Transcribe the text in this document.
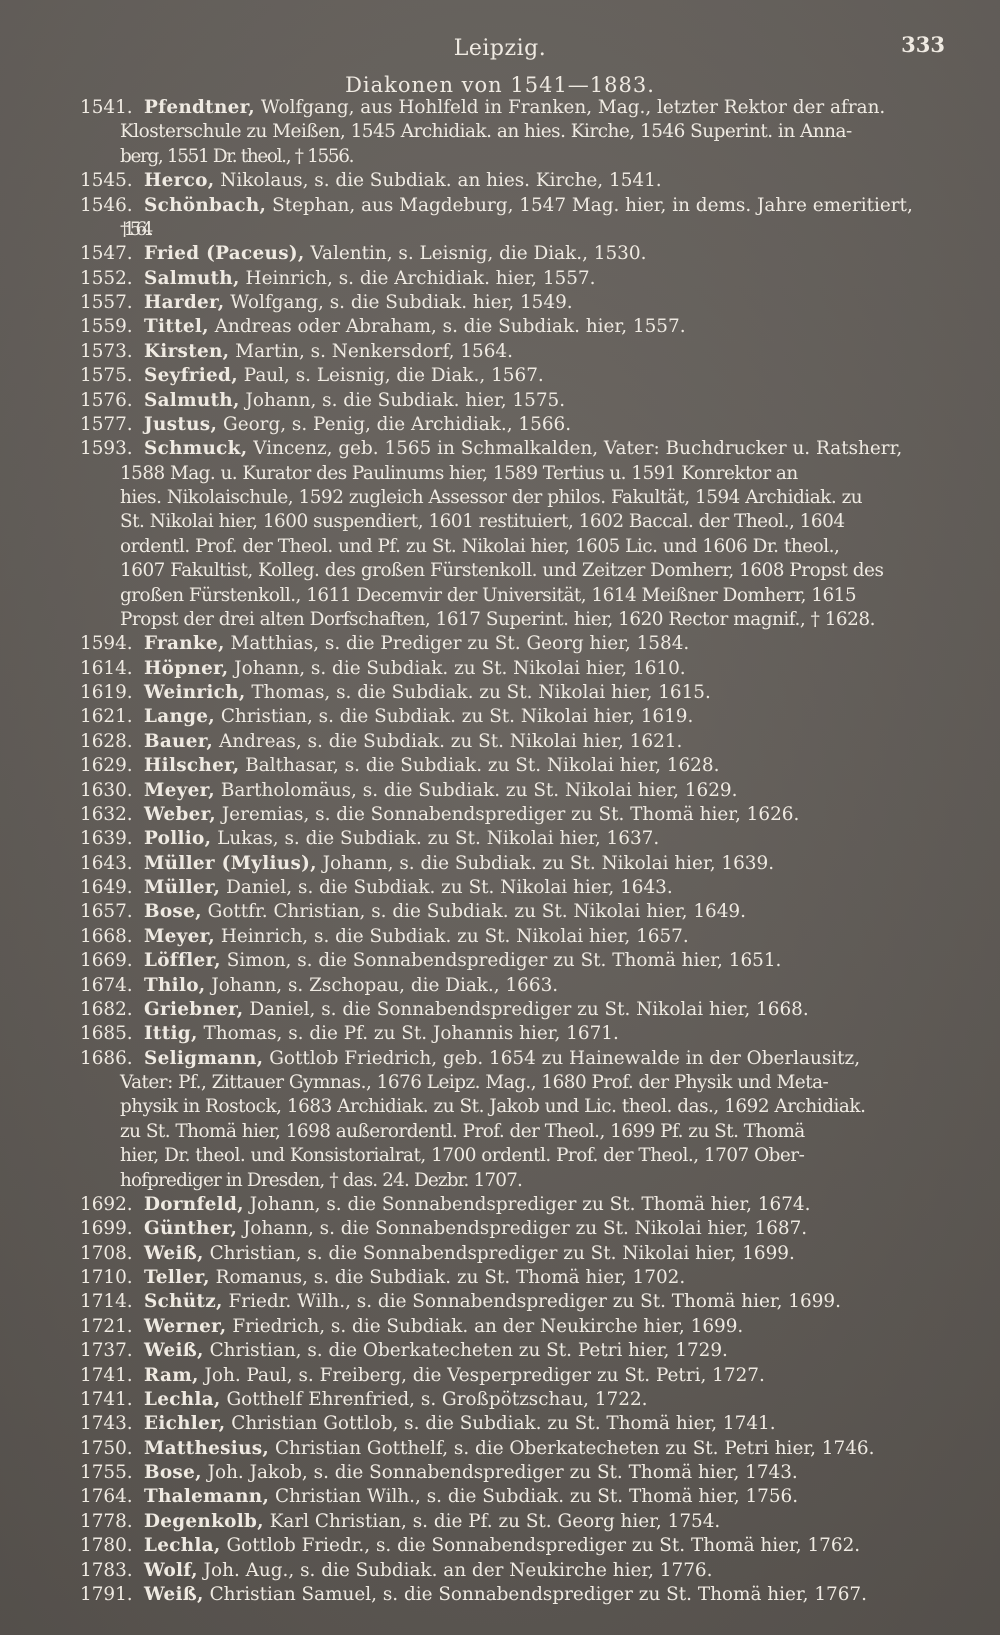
Leipzig.	333
Diakonen von 1541—1883.
1541. Pfendtner, Wolfgang, aus Hohlfeld in Franken, Mag., letzter Rektor der afran.
Klosterschule zu Meißen, 1545 Archidiak. an hies. Kirche, 1546 Superint. in Anna-
berg, 1551 Dr. theol., † 1556.
1545. Herco, Nikolaus, s. die Subdiak. an hies. Kirche, 1541.
1546. Schönbach, Stephan, aus Magdeburg, 1547 Mag. hier, in dems. Jahre emeritiert,
† 1564.
1547. Fried (Paceus), Valentin, s. Leisnig, die Diak., 1530.
1552. Salmuth, Heinrich, s. die Archidiak. hier, 1557.
1557. Harder, Wolfgang, s. die Subdiak. hier, 1549.
1559. Tittel, Andreas oder Abraham, s. die Subdiak. hier, 1557.
1573. Kirsten, Martin, s. Nenkersdorf, 1564.
1575. Seyfried, Paul, s. Leisnig, die Diak., 1567.
1576. Salmuth, Johann, s. die Subdiak. hier, 1575.
1577. Justus, Georg, s. Penig, die Archidiak., 1566.
1593. Schmuck, Vincenz, geb. 1565 in Schmalkalden, Vater: Buchdrucker u. Ratsherr,
1588 Mag. u. Kurator des Paulinums hier, 1589 Tertius u. 1591 Konrektor an
hies. Nikolaischule, 1592 zugleich Assessor der philos. Fakultät, 1594 Archidiak. zu
St. Nikolai hier, 1600 suspendiert, 1601 restituiert, 1602 Baccal. der Theol., 1604
ordentl. Prof. der Theol. und Pf. zu St. Nikolai hier, 1605 Lic. und 1606 Dr. theol.,
1607 Fakultist, Kolleg. des großen Fürstenkoll. und Zeitzer Domherr, 1608 Propst des
großen Fürstenkoll., 1611 Decemvir der Universität, 1614 Meißner Domherr, 1615
Propst der drei alten Dorfschaften, 1617 Superint. hier, 1620 Rector magnif., † 1628.
1594. Franke, Matthias, s. die Prediger zu St. Georg hier, 1584.
1614. Höpner, Johann, s. die Subdiak. zu St. Nikolai hier, 1610.
1619. Weinrich, Thomas, s. die Subdiak. zu St. Nikolai hier, 1615.
1621. Lange, Christian, s. die Subdiak. zu St. Nikolai hier, 1619.
1628. Bauer, Andreas, s. die Subdiak. zu St. Nikolai hier, 1621.
1629. Hilscher, Balthasar, s. die Subdiak. zu St. Nikolai hier, 1628.
1630. Meyer, Bartholomäus, s. die Subdiak. zu St. Nikolai hier, 1629.
1632. Weber, Jeremias, s. die Sonnabendsprediger zu St. Thomä hier, 1626.
1639. Pollio, Lukas, s. die Subdiak. zu St. Nikolai hier, 1637.
1643. Müller (Mylius), Johann, s. die Subdiak. zu St. Nikolai hier, 1639.
1649. Müller, Daniel, s. die Subdiak. zu St. Nikolai hier, 1643.
1657. Bose, Gottfr. Christian, s. die Subdiak. zu St. Nikolai hier, 1649.
1668. Meyer, Heinrich, s. die Subdiak. zu St. Nikolai hier, 1657.
1669. Löffler, Simon, s. die Sonnabendsprediger zu St. Thomä hier, 1651.
1674. Thilo, Johann, s. Zschopau, die Diak., 1663.
1682. Griebner, Daniel, s. die Sonnabendsprediger zu St. Nikolai hier, 1668.
1685. Ittig, Thomas, s. die Pf. zu St. Johannis hier, 1671.
1686. Seligmann, Gottlob Friedrich, geb. 1654 zu Hainewalde in der Oberlausitz,
Vater: Pf., Zittauer Gymnas., 1676 Leipz. Mag., 1680 Prof. der Physik und Meta-
physik in Rostock, 1683 Archidiak. zu St. Jakob und Lic. theol. das., 1692 Archidiak.
zu St. Thomä hier, 1698 außerordentl. Prof. der Theol., 1699 Pf. zu St. Thomä
hier, Dr. theol. und Konsistorialrat, 1700 ordentl. Prof. der Theol., 1707 Ober-
hofprediger in Dresden, † das. 24. Dezbr. 1707.
1692. Dornfeld, Johann, s. die Sonnabendsprediger zu St. Thomä hier, 1674.
1699. Günther, Johann, s. die Sonnabendsprediger zu St. Nikolai hier, 1687.
1708. Weiß, Christian, s. die Sonnabendsprediger zu St. Nikolai hier, 1699.
1710. Teller, Romanus, s. die Subdiak. zu St. Thomä hier, 1702.
1714. Schütz, Friedr. Wilh., s. die Sonnabendsprediger zu St. Thomä hier, 1699.
1721. Werner, Friedrich, s. die Subdiak. an der Neukirche hier, 1699.
1737. Weiß, Christian, s. die Oberkatecheten zu St. Petri hier, 1729.
1741. Ram, Joh. Paul, s. Freiberg, die Vesperprediger zu St. Petri, 1727.
1741. Lechla, Gotthelf Ehrenfried, s. Großpötzschau, 1722.
1743. Eichler, Christian Gottlob, s. die Subdiak. zu St. Thomä hier, 1741.
1750. Matthesius, Christian Gotthelf, s. die Oberkatecheten zu St. Petri hier, 1746.
1755. Bose, Joh. Jakob, s. die Sonnabendsprediger zu St. Thomä hier, 1743.
1764. Thalemann, Christian Wilh., s. die Subdiak. zu St. Thomä hier, 1756.
1778. Degenkolb, Karl Christian, s. die Pf. zu St. Georg hier, 1754.
1780. Lechla, Gottlob Friedr., s. die Sonnabendsprediger zu St. Thomä hier, 1762.
1783. Wolf, Joh. Aug., s. die Subdiak. an der Neukirche hier, 1776.
1791. Weiß, Christian Samuel, s. die Sonnabendsprediger zu St. Thomä hier, 1767.
